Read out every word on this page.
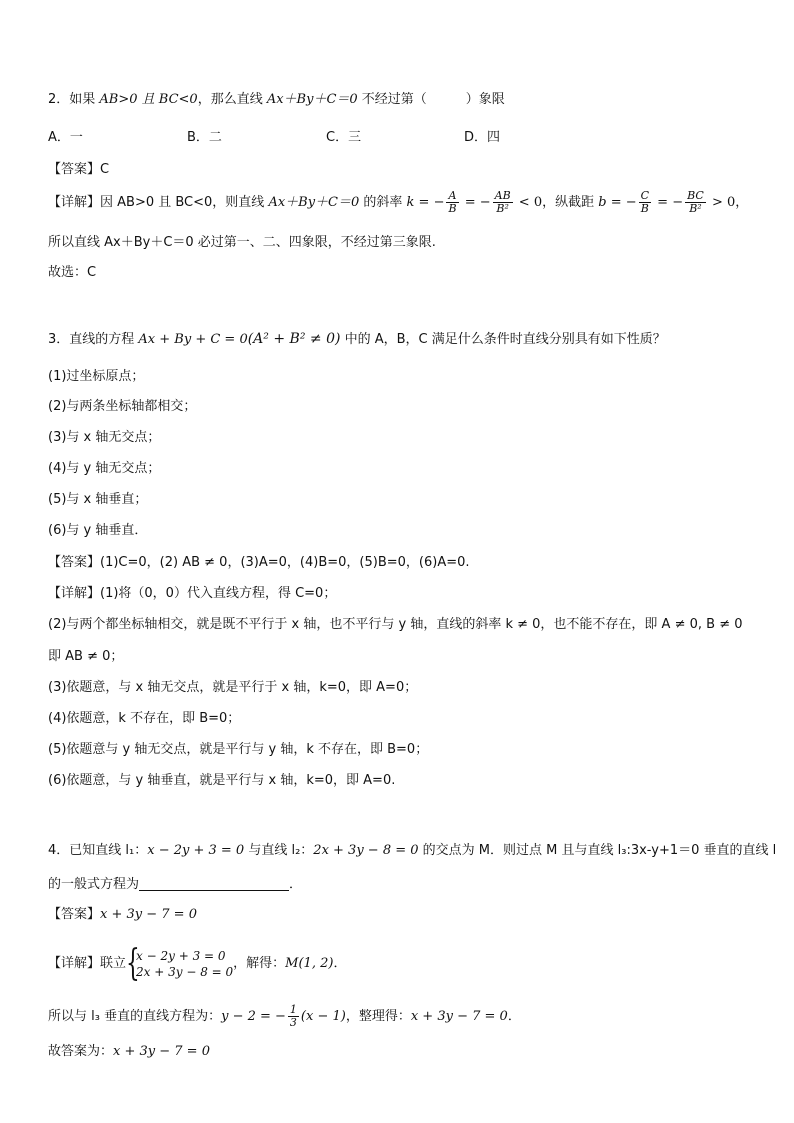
2．如果 AB>0 且 BC<0，那么直线 Ax＋By＋C＝0 不经过第（　　　）象限
A．一	B．二	C．三	D．四
【答案】C
【详解】因 AB>0 且 BC<0，则直线 Ax＋By＋C＝0 的斜率 k = − $\frac{A}{B}$ = − $\frac{AB}{\text{B²}} < 0$，纵截距 b = − $\frac{C}{B}$ = − $\frac{BC}{\text{B²}} > 0$，
所以直线 Ax＋By＋C＝0 必过第一、二、四象限，不经过第三象限.
故选：C
3．直线的方程 Ax + By + C = 0(A² + B² ≠ 0) 中的 A，B，C 满足什么条件时直线分别具有如下性质？
(1)过坐标原点；
(2)与两条坐标轴都相交；
(3)与 x 轴无交点；
(4)与 y 轴无交点；
(5)与 x 轴垂直；
(6)与 y 轴垂直．
【答案】(1)C=0，(2) AB ≠ 0，(3)A=0，(4)B=0，(5)B=0，(6)A=0.
【详解】(1)将（0，0）代入直线方程，得 C=0；
(2)与两个都坐标轴相交，就是既不平行于 x 轴，也不平行与 y 轴，直线的斜率 k ≠ 0，也不能不存在，即 A ≠ 0, B ≠ 0
即 AB ≠ 0；
(3)依题意，与 x 轴无交点，就是平行于 x 轴，k=0，即 A=0；
(4)依题意，k 不存在，即 B=0；
(5)依题意与 y 轴无交点，就是平行与 y 轴，k 不存在，即 B=0；
(6)依题意，与 y 轴垂直，就是平行与 x 轴，k=0，即 A=0.
4．已知直线 l₁：x − 2y + 3 = 0 与直线 l₂：2x + 3y − 8 = 0 的交点为 M．则过点 M 且与直线 l₃:3x-y+1＝0 垂直的直线 l
的一般式方程为	．
【答案】x + 3y − 7 = 0
【详解】联立 {
x − 2y + 3 = 0
2x + 3y − 8 = 0
，解得：M(1, 2)．
所以与 l₃ 垂直的直线方程为：y − 2 = − $\frac{1}{3} (x - 1)$，整理得：x + 3y − 7 = 0．
故答案为：x + 3y − 7 = 0
